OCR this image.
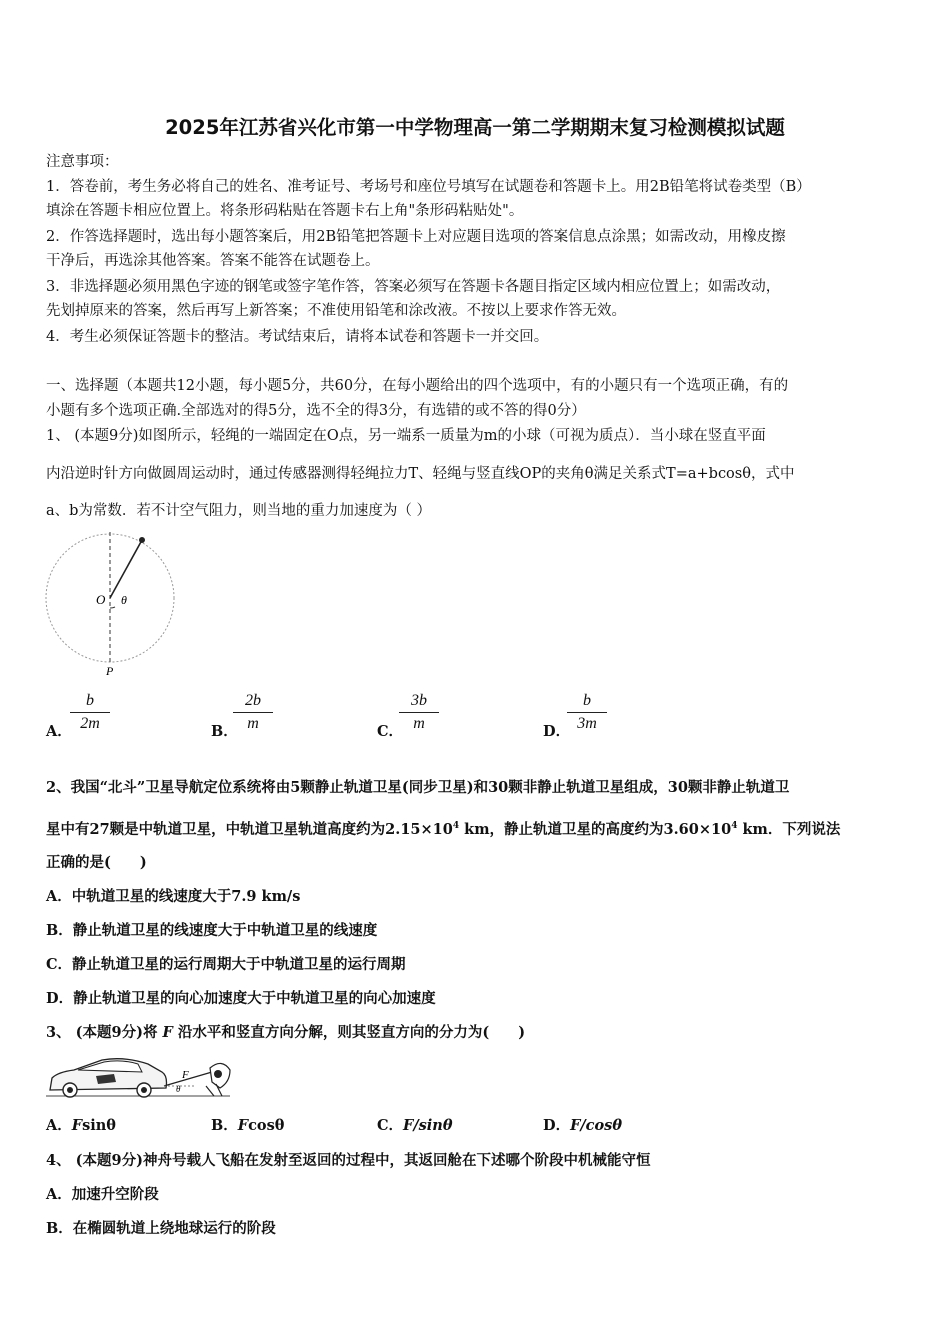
2025年江苏省兴化市第一中学物理高一第二学期期末复习检测模拟试题
注意事项：
1．答卷前，考生务必将自己的姓名、准考证号、考场号和座位号填写在试题卷和答题卡上。用2B铅笔将试卷类型（B）
填涂在答题卡相应位置上。将条形码粘贴在答题卡右上角"条形码粘贴处"。
2．作答选择题时，选出每小题答案后，用2B铅笔把答题卡上对应题目选项的答案信息点涂黑；如需改动，用橡皮擦
干净后，再选涂其他答案。答案不能答在试题卷上。
3．非选择题必须用黑色字迹的钢笔或签字笔作答，答案必须写在答题卡各题目指定区域内相应位置上；如需改动，
先划掉原来的答案，然后再写上新答案；不准使用铅笔和涂改液。不按以上要求作答无效。
4．考生必须保证答题卡的整洁。考试结束后，请将本试卷和答题卡一并交回。
一、选择题（本题共12小题，每小题5分，共60分，在每小题给出的四个选项中，有的小题只有一个选项正确，有的
小题有多个选项正确.全部选对的得5分，选不全的得3分，有选错的或不答的得0分）
1、 (本题9分)如图所示，轻绳的一端固定在O点，另一端系一质量为m的小球（可视为质点）．当小球在竖直平面
内沿逆时针方向做圆周运动时，通过传感器测得轻绳拉力T、轻绳与竖直线OP的夹角θ满足关系式T=a+bcosθ，式中
a、b为常数．若不计空气阻力，则当地的重力加速度为（ ）
O θ
P
A．
$\frac{b}{2m}$	B．
$\frac{2b}{m}$	C．
$\frac{3b}{m}$	D．
$\frac{b}{3m}$
2、我国“北斗”卫星导航定位系统将由5颗静止轨道卫星(同步卫星)和30颗非静止轨道卫星组成，30颗非静止轨道卫
星中有27颗是中轨道卫星，中轨道卫星轨道高度约为$2.15\times 10^4$ km，静止轨道卫星的高度约为$3.60\times 10^4$ km．下列说法
正确的是(　　)
A．中轨道卫星的线速度大于7.9 km/s
B．静止轨道卫星的线速度大于中轨道卫星的线速度
C．静止轨道卫星的运行周期大于中轨道卫星的运行周期
D．静止轨道卫星的向心加速度大于中轨道卫星的向心加速度
3、 (本题9分)将 F 沿水平和竖直方向分解，则其竖直方向的分力为(　　)
F
θ
A．Fsinθ	B．Fcosθ	C．F/sinθ	D．F/cosθ
4、 (本题9分)神舟号载人飞船在发射至返回的过程中，其返回舱在下述哪个阶段中机械能守恒
A．加速升空阶段
B．在椭圆轨道上绕地球运行的阶段
